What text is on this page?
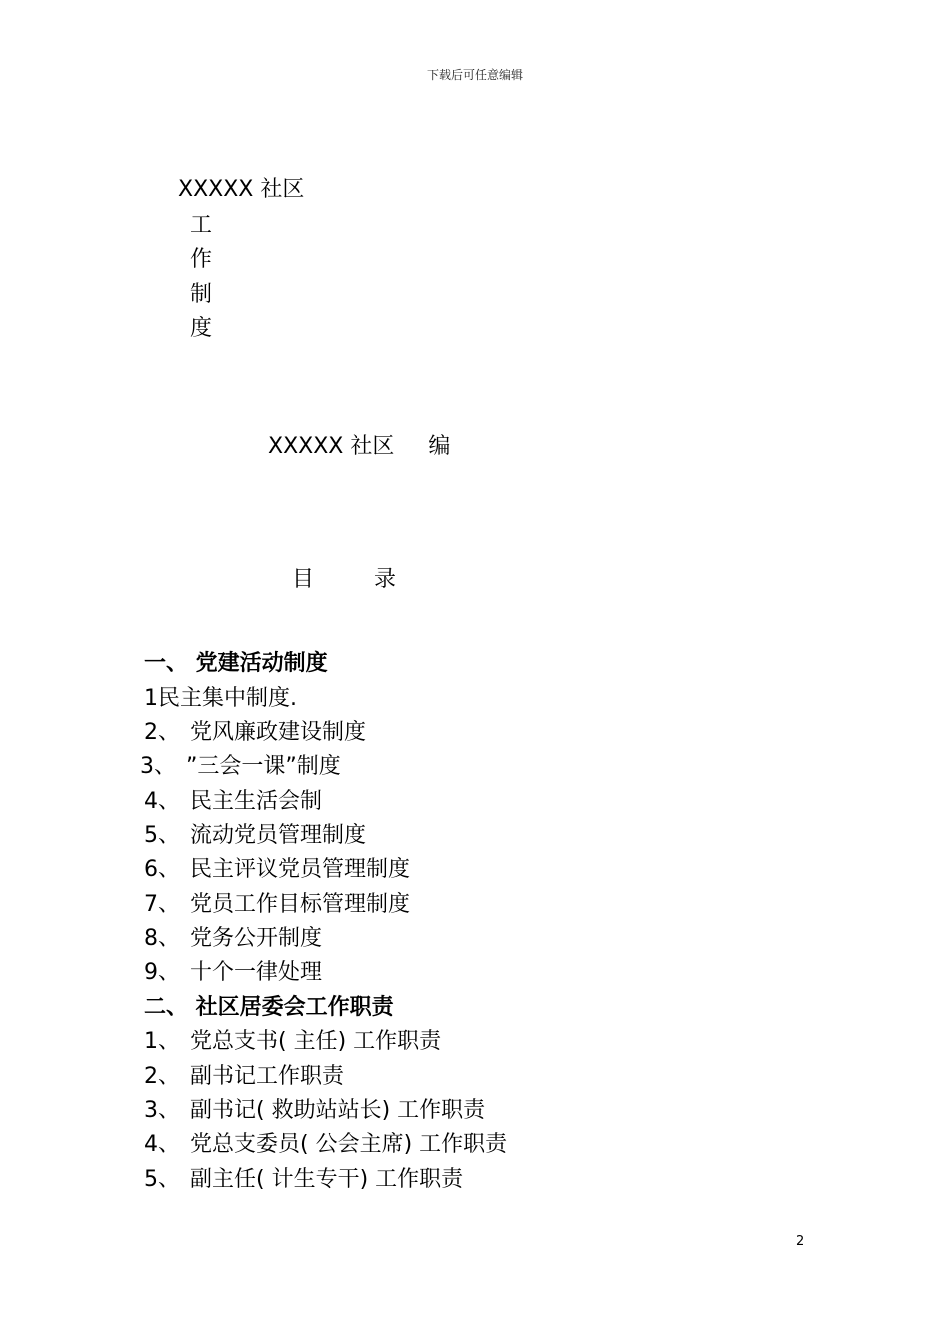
下载后可任意编辑
XXXXX 社区
工
作
制
度
XXXXX 社区 编
目	录
一、 党建活动制度
1民主集中制度.
2、 党风廉政建设制度
3、 ”三会一课”制度
4、 民主生活会制
5、 流动党员管理制度
6、 民主评议党员管理制度
7、 党员工作目标管理制度
8、 党务公开制度
9、 十个一律处理
二、 社区居委会工作职责
1、 党总支书( 主任) 工作职责
2、 副书记工作职责
3、 副书记( 救助站站长) 工作职责
4、 党总支委员( 公会主席) 工作职责
5、 副主任( 计生专干) 工作职责
2
